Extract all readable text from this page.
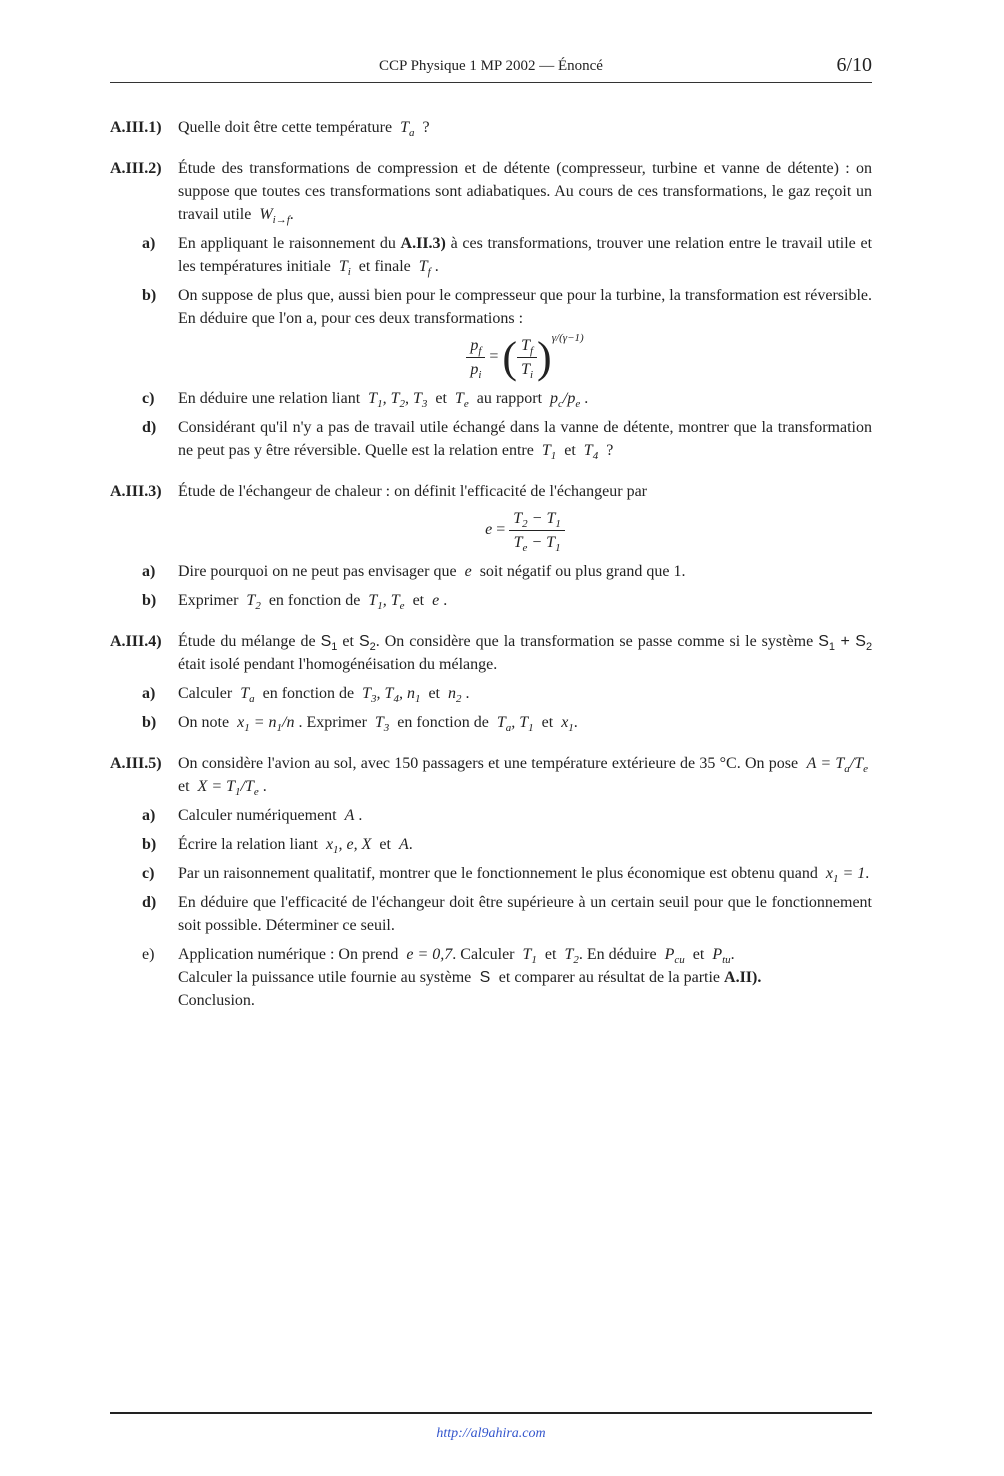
CCP Physique 1 MP 2002 — Énoncé	6/10
A.III.1) Quelle doit être cette température  $T_a$ ?
A.III.2) Étude des transformations de compression et de détente (compresseur, turbine et vanne de détente) : on suppose que toutes ces transformations sont adiabatiques. Au cours de ces transformations, le gaz reçoit un travail utile  $W_{i\to f}$.
a) En appliquant le raisonnement du A.II.3) à ces transformations, trouver une relation entre le travail utile et les températures initiale  $T_i$ et finale  $T_f$ .
b) On suppose de plus que, aussi bien pour le compresseur que pour la turbine, la transformation est réversible. En déduire que l'on a, pour ces deux transformations :
$\frac{p_f}{p_i}$ = ( $\frac{T_f}{T_i} )^{\gamma/(\gamma-1)}$
c) En déduire une relation liant  $T_1$, $T_2$, $T_3$ et  $T_e$ au rapport  $p_c/p_e$ .
d) Considérant qu'il n'y a pas de travail utile échangé dans la vanne de détente, montrer que la transformation ne peut pas y être réversible. Quelle est la relation entre  $T_1$ et  $T_4$ ?
A.III.3) Étude de l'échangeur de chaleur : on définit l'efficacité de l'échangeur par
$e = \frac{T_2 - T_1}{T_e - T_1}$
a) Dire pourquoi on ne peut pas envisager que  e  soit négatif ou plus grand que 1.
b) Exprimer  $T_2$ en fonction de  $T_1$, $T_e$ et  e .
A.III.4) Étude du mélange de $S_1$ et $S_2$. On considère que la transformation se passe comme si le système $S_1 + S_2$ était isolé pendant l'homogénéisation du mélange.
a) Calculer  $T_a$ en fonction de  $T_3$, $T_4$, $n_1$ et  $n_2$ .
b) On note  $x_1 = n_1/n$ . Exprimer  $T_3$ en fonction de  $T_a$, $T_1$ et  $x_1$.
A.III.5) On considère l'avion au sol, avec 150 passagers et une température extérieure de 35 °C. On pose  $A = T_a/T_e$  et  $X = T_1/T_e$ .
a) Calculer numériquement  A .
b) Écrire la relation liant  $x_1$, e, X  et  A.
c) Par un raisonnement qualitatif, montrer que le fonctionnement le plus économique est obtenu quand  $x_1 = 1$.
d) En déduire que l'efficacité de l'échangeur doit être supérieure à un certain seuil pour que le fonctionnement soit possible. Déterminer ce seuil.
e) Application numérique : On prend  e = 0,7. Calculer  $T_1$ et  $T_2$. En déduire  $P_{cu}$ et  $P_{tu}$.
Calculer la puissance utile fournie au système  S  et comparer au résultat de la partie A.II).
Conclusion.
http://al9ahira.com
